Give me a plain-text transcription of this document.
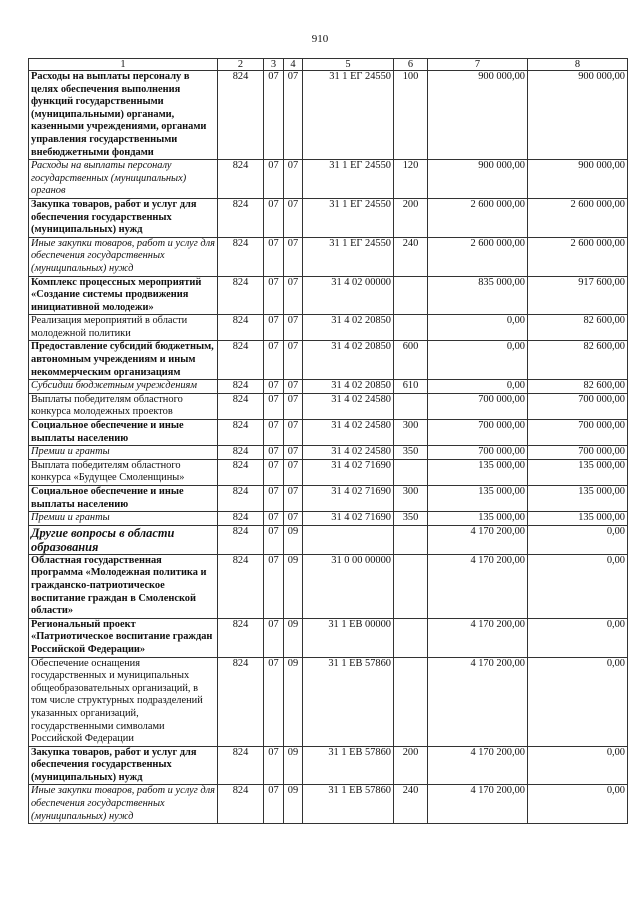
910
1	2	3	4	5	6	7	8
Расходы на выплаты персоналу в целях обеспечения выполнения функций государственными (муниципальными) органами, казенными учреждениями, органами управления государственными внебюджетными фондами	824	07	07	31 1 ЕГ 24550	100	900 000,00	900 000,00
Расходы на выплаты персоналу государственных (муниципальных) органов	824	07	07	31 1 ЕГ 24550	120	900 000,00	900 000,00
Закупка товаров, работ и услуг для обеспечения государственных (муниципальных) нужд	824	07	07	31 1 ЕГ 24550	200	2 600 000,00	2 600 000,00
Иные закупки товаров, работ и услуг для обеспечения государственных (муниципальных) нужд	824	07	07	31 1 ЕГ 24550	240	2 600 000,00	2 600 000,00
Комплекс процессных мероприятий «Создание системы продвижения инициативной молодежи»	824	07	07	31 4 02 00000		835 000,00	917 600,00
Реализация мероприятий в области молодежной политики	824	07	07	31 4 02 20850		0,00	82 600,00
Предоставление субсидий бюджетным, автономным учреждениям и иным некоммерческим организациям	824	07	07	31 4 02 20850	600	0,00	82 600,00
Субсидии бюджетным учреждениям	824	07	07	31 4 02 20850	610	0,00	82 600,00
Выплаты победителям областного конкурса молодежных проектов	824	07	07	31 4 02 24580		700 000,00	700 000,00
Социальное обеспечение и иные выплаты населению	824	07	07	31 4 02 24580	300	700 000,00	700 000,00
Премии и гранты	824	07	07	31 4 02 24580	350	700 000,00	700 000,00
Выплата победителям областного конкурса «Будущее Смоленщины»	824	07	07	31 4 02 71690		135 000,00	135 000,00
Социальное обеспечение и иные выплаты населению	824	07	07	31 4 02 71690	300	135 000,00	135 000,00
Премии и гранты	824	07	07	31 4 02 71690	350	135 000,00	135 000,00
Другие вопросы в области образования	824	07	09			4 170 200,00	0,00
Областная государственная программа «Молодежная политика и гражданско-патриотическое воспитание граждан в Смоленской области»	824	07	09	31 0 00 00000		4 170 200,00	0,00
Региональный проект «Патриотическое воспитание граждан Российской Федерации»	824	07	09	31 1 ЕВ 00000		4 170 200,00	0,00
Обеспечение оснащения государственных и муниципальных общеобразовательных организаций, в том числе структурных подразделений указанных организаций, государственными символами Российской Федерации	824	07	09	31 1 ЕВ 57860		4 170 200,00	0,00
Закупка товаров, работ и услуг для обеспечения государственных (муниципальных) нужд	824	07	09	31 1 ЕВ 57860	200	4 170 200,00	0,00
Иные закупки товаров, работ и услуг для обеспечения государственных (муниципальных) нужд	824	07	09	31 1 ЕВ 57860	240	4 170 200,00	0,00
